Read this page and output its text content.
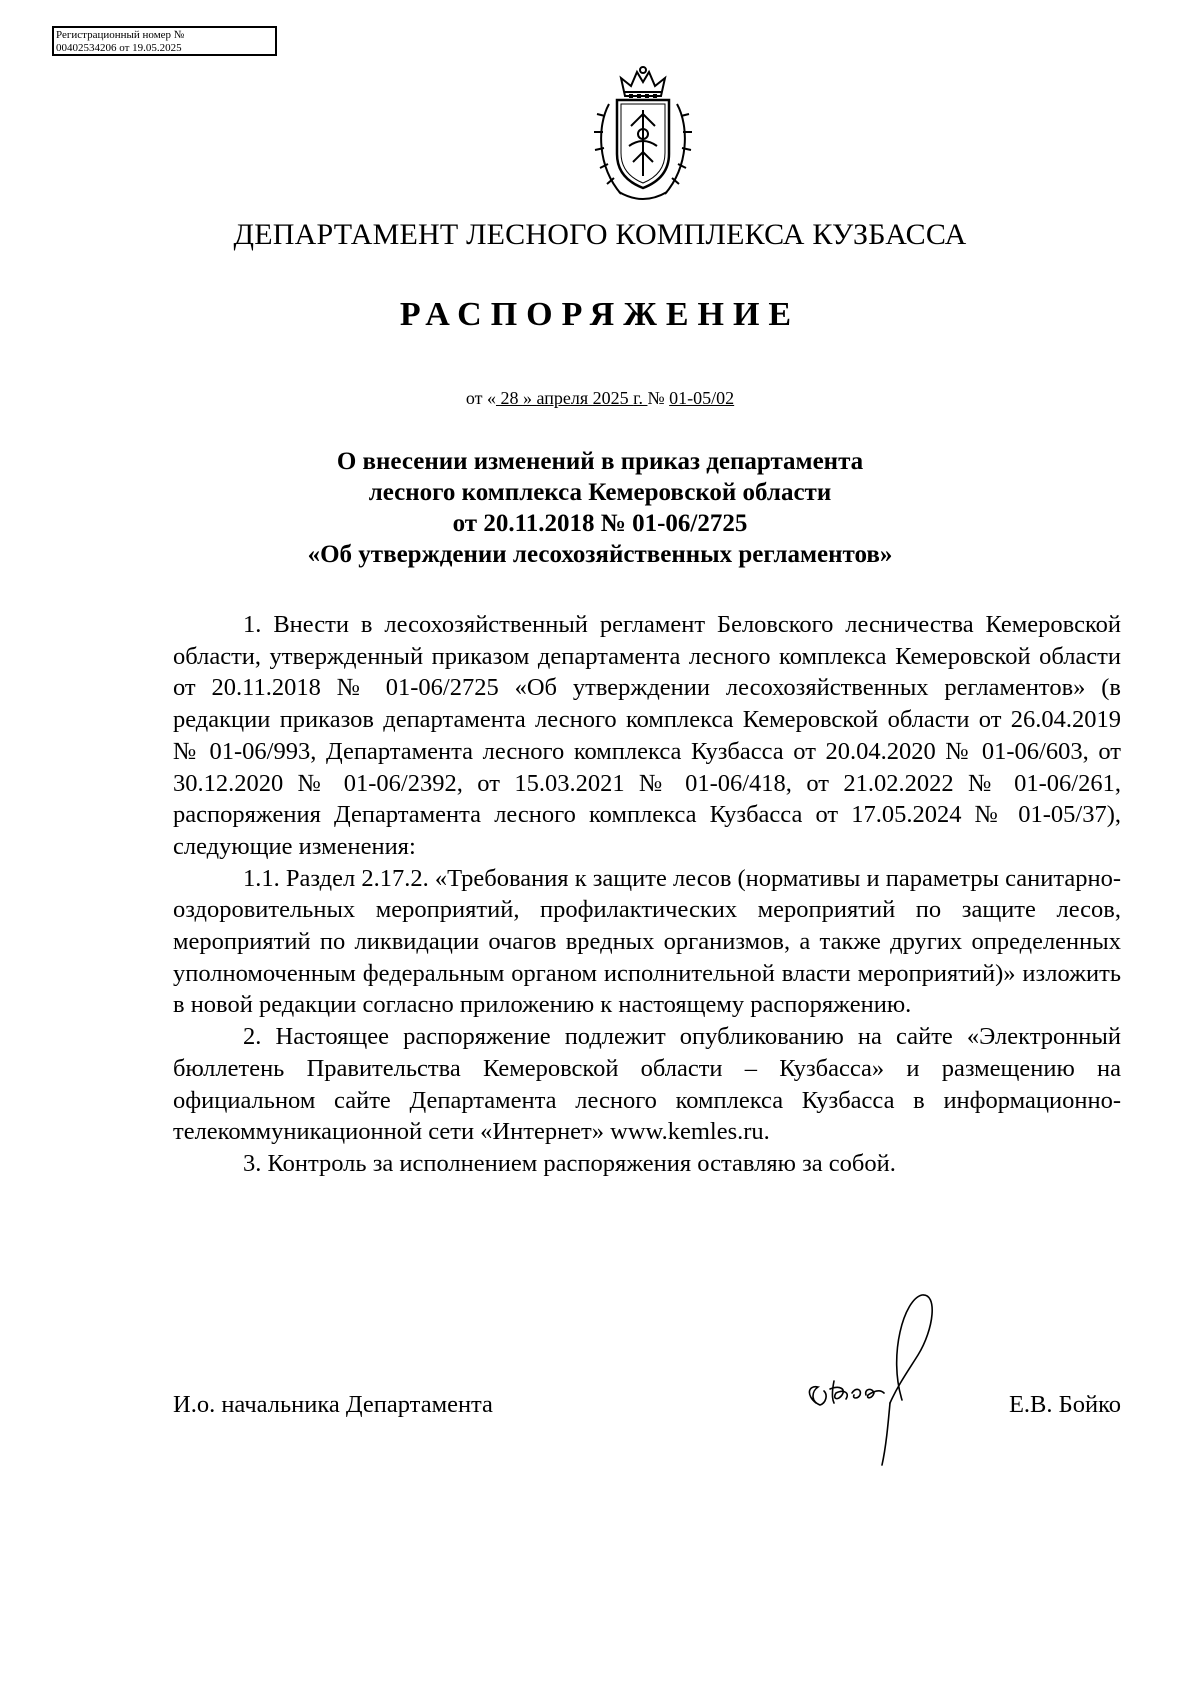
Регистрационный номер №
00402534206 от 19.05.2025
ДЕПАРТАМЕНТ ЛЕСНОГО КОМПЛЕКСА КУЗБАССА
РАСПОРЯЖЕНИЕ
от « 28 » апреля 2025 г. № 01-05/02
О внесении изменений в приказ департамента
лесного комплекса Кемеровской области
от 20.11.2018 № 01-06/2725
«Об утверждении лесохозяйственных регламентов»

1. Внести в лесохозяйственный регламент Беловского лесничества Кемеровской области, утвержденный приказом департамента лесного комплекса Кемеровской области от 20.11.2018 № 01-06/2725 «Об утверждении лесохозяйственных регламентов» (в редакции приказов департамента лесного комплекса Кемеровской области от 26.04.2019 № 01-06/993, Департамента лесного комплекса Кузбасса от 20.04.2020 № 01-06/603, от 30.12.2020 № 01-06/2392, от 15.03.2021 № 01-06/418, от 21.02.2022 № 01-06/261, распоряжения Департамента лесного комплекса Кузбасса от 17.05.2024 № 01-05/37), следующие изменения:

1.1. Раздел 2.17.2. «Требования к защите лесов (нормативы и параметры санитарно-оздоровительных мероприятий, профилактических мероприятий по защите лесов, мероприятий по ликвидации очагов вредных организмов, а также других определенных уполномоченным федеральным органом исполнительной власти мероприятий)» изложить в новой редакции согласно приложению к настоящему распоряжению.

2. Настоящее распоряжение подлежит опубликованию на сайте «Электронный бюллетень Правительства Кемеровской области – Кузбасса» и размещению на официальном сайте Департамента лесного комплекса Кузбасса в информационно-телекоммуникационной сети «Интернет» www.kemles.ru.

3. Контроль за исполнением распоряжения оставляю за собой.

И.о. начальника Департамента	Е.В. Бойко
